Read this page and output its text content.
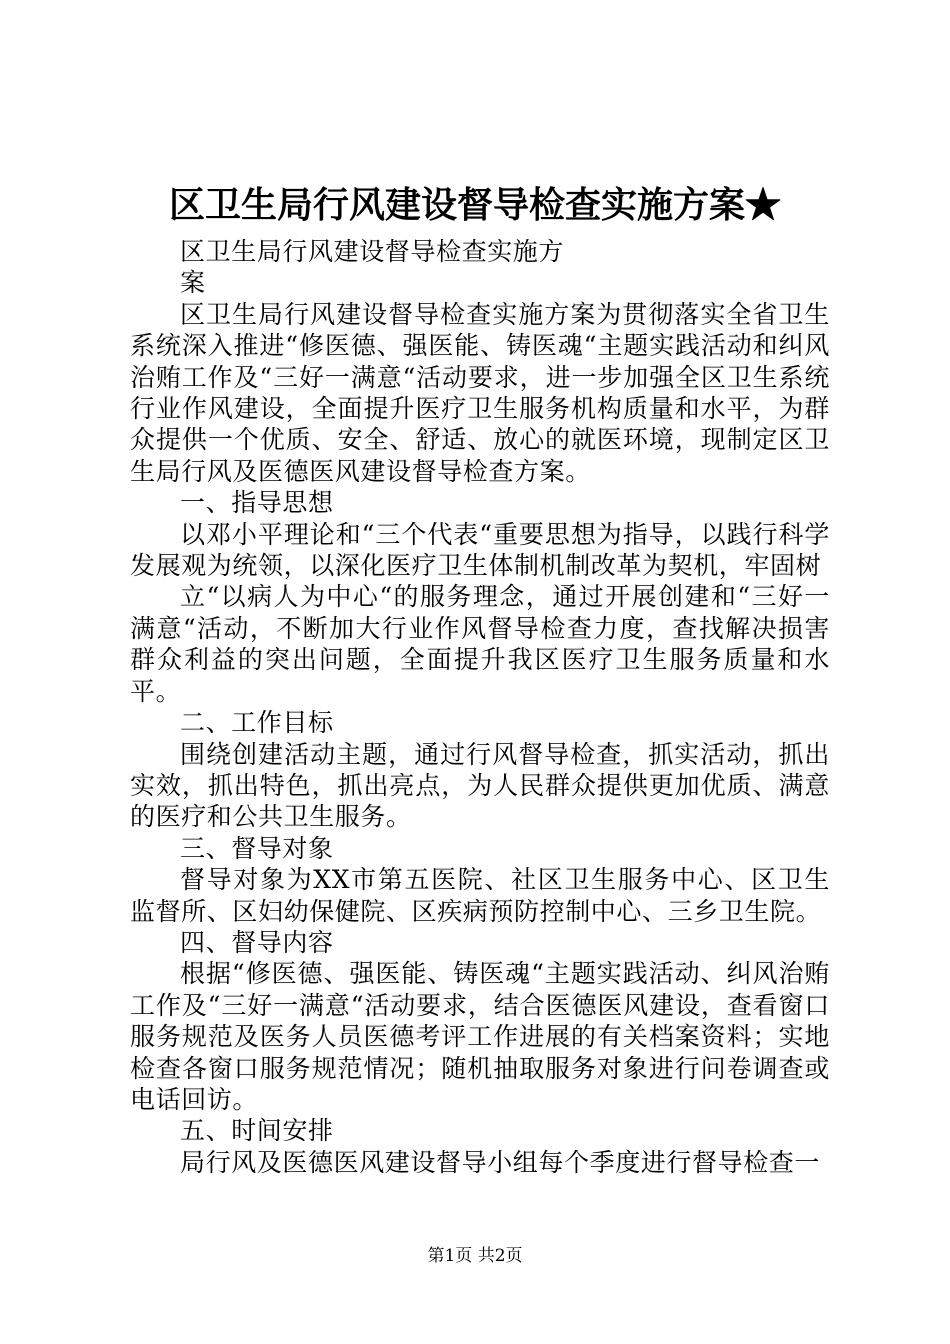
区卫生局行风建设督导检查实施方案★

区卫生局行风建设督导检查实施方案

区卫生局行风建设督导检查实施方案为贯彻落实全省卫生系统深入推进“修医德、强医能、铸医魂“主题实践活动和纠风治贿工作及“三好一满意“活动要求，进一步加强全区卫生系统行业作风建设，全面提升医疗卫生服务机构质量和水平，为群众提供一个优质、安全、舒适、放心的就医环境，现制定区卫生局行风及医德医风建设督导检查方案。

一、指导思想

以邓小平理论和“三个代表“重要思想为指导，以践行科学发展观为统领，以深化医疗卫生体制机制改革为契机，牢固树

立“以病人为中心“的服务理念，通过开展创建和“三好一满意“活动，不断加大行业作风督导检查力度，查找解决损害群众利益的突出问题，全面提升我区医疗卫生服务质量和水平。

二、工作目标

围绕创建活动主题，通过行风督导检查，抓实活动，抓出实效，抓出特色，抓出亮点，为人民群众提供更加优质、满意的医疗和公共卫生服务。

三、督导对象

督导对象为XX市第五医院、社区卫生服务中心、区卫生监督所、区妇幼保健院、区疾病预防控制中心、三乡卫生院。

四、督导内容

根据“修医德、强医能、铸医魂“主题实践活动、纠风治贿工作及“三好一满意“活动要求，结合医德医风建设，查看窗口服务规范及医务人员医德考评工作进展的有关档案资料；实地检查各窗口服务规范情况；随机抽取服务对象进行问卷调查或电话回访。

五、时间安排

局行风及医德医风建设督导小组每个季度进行督导检查一

第1页 共2页
